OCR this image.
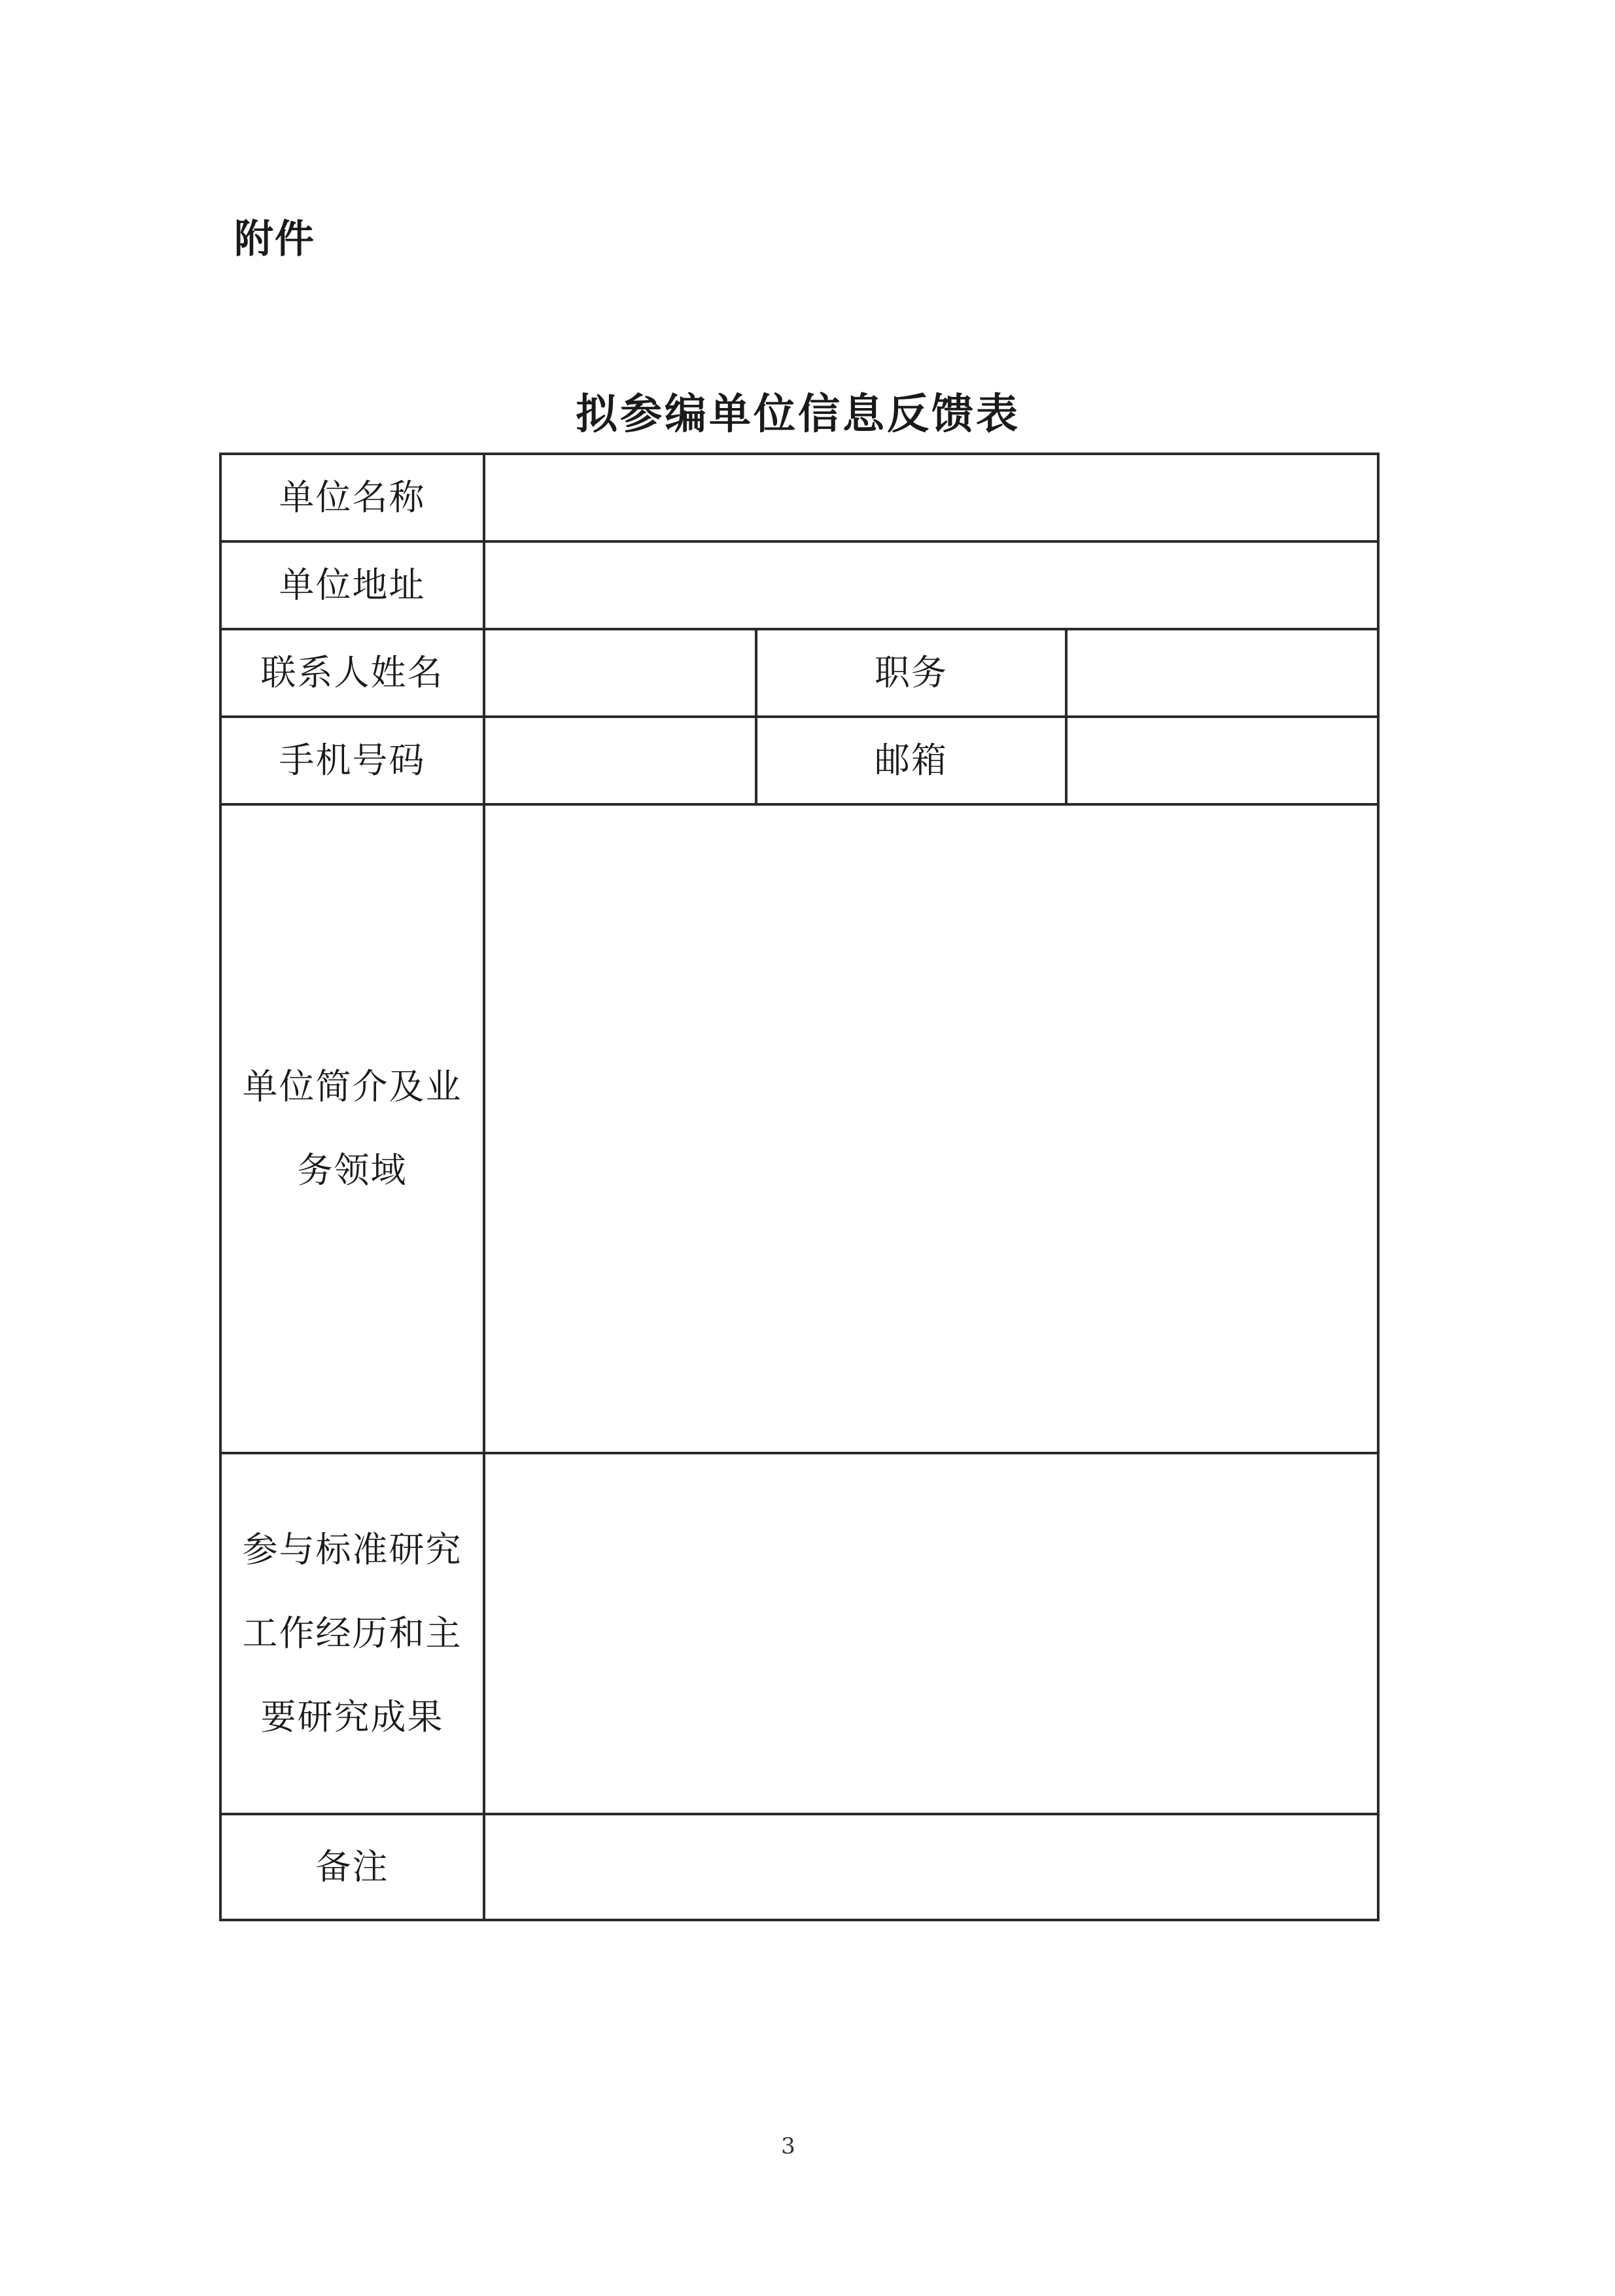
附件
拟参编单位信息反馈表
单位名称			
单位地址			
联系人姓名		职务	
手机号码		邮箱	

单位简介及业
务领域			

参与标准研究
工作经历和主
要研究成果			

备注			
3
